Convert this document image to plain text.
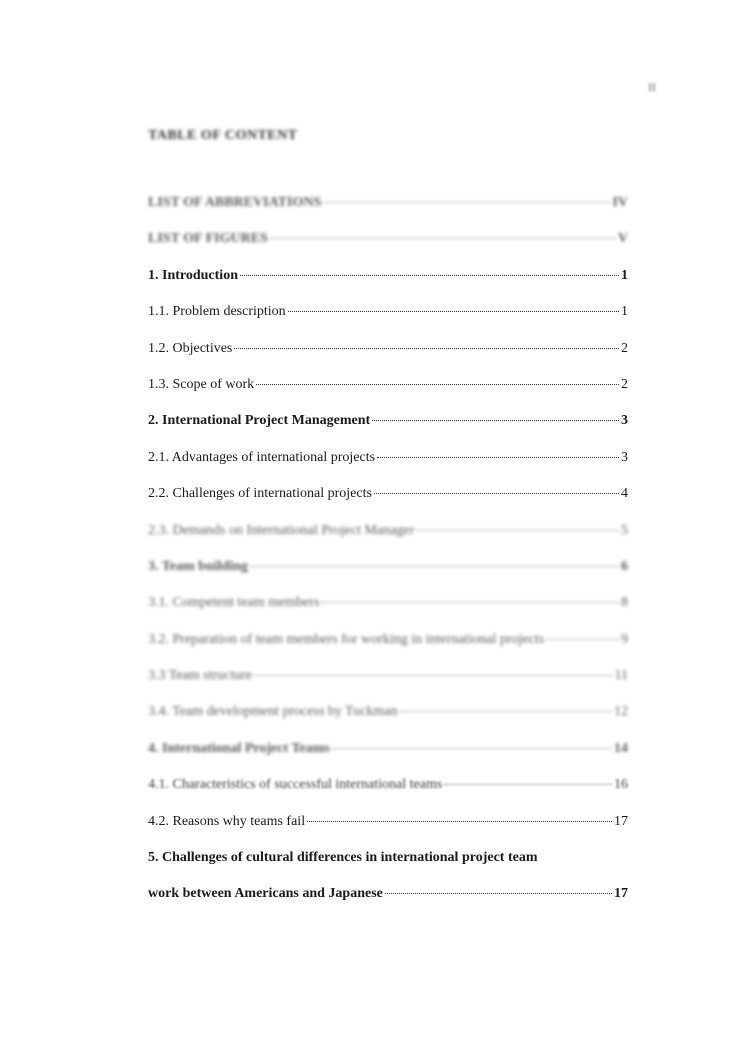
II
TABLE OF CONTENT
LIST OF ABBREVIATIONS	IV
LIST OF FIGURES	V
1. Introduction	1
1.1. Problem description	1
1.2. Objectives	2
1.3. Scope of work	2
2. International Project Management	3
2.1. Advantages of international projects	3
2.2. Challenges of international projects	4
2.3. Demands on International Project Manager	5
3. Team building	6
3.1. Competent team members	8
3.2. Preparation of team members for working in international projects	9
3.3 Team structure	11
3.4. Team development process by Tuckman	12
4. International Project Teams	14
4.1. Characteristics of successful international teams	16
4.2. Reasons why teams fail	17
5. Challenges of cultural differences in international project team
work between Americans and Japanese	17
